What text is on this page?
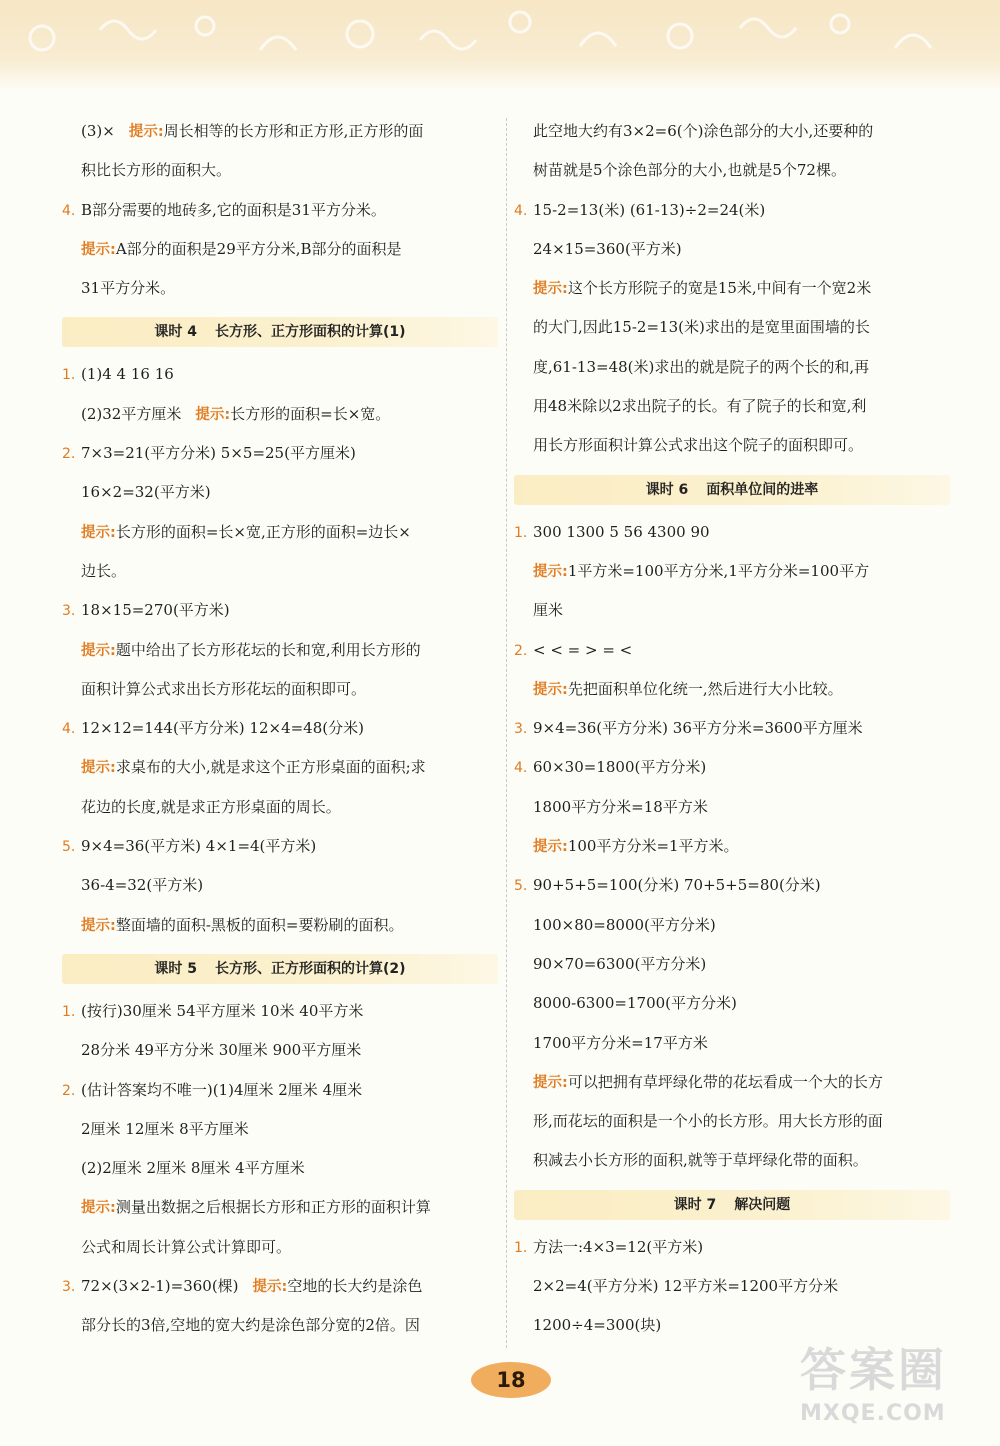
(3)× 提示:周长相等的长方形和正方形,正方形的面
积比长方形的面积大。
4. B部分需要的地砖多,它的面积是31平方分米。
提示:A部分的面积是29平方分米,B部分的面积是
31平方分米。
课时 4 长方形、正方形面积的计算(1)
1. (1)4 4 16 16
(2)32平方厘米 提示:长方形的面积=长×宽。
2. 7×3=21(平方分米) 5×5=25(平方厘米)
16×2=32(平方米)
提示:长方形的面积=长×宽,正方形的面积=边长×
边长。
3. 18×15=270(平方米)
提示:题中给出了长方形花坛的长和宽,利用长方形的
面积计算公式求出长方形花坛的面积即可。
4. 12×12=144(平方分米) 12×4=48(分米)
提示:求桌布的大小,就是求这个正方形桌面的面积;求
花边的长度,就是求正方形桌面的周长。
5. 9×4=36(平方米) 4×1=4(平方米)
36-4=32(平方米)
提示:整面墙的面积-黑板的面积=要粉刷的面积。
课时 5 长方形、正方形面积的计算(2)
1. (按行)30厘米 54平方厘米 10米 40平方米
28分米 49平方分米 30厘米 900平方厘米
2. (估计答案均不唯一)(1)4厘米 2厘米 4厘米
2厘米 12厘米 8平方厘米
(2)2厘米 2厘米 8厘米 4平方厘米
提示:测量出数据之后根据长方形和正方形的面积计算
公式和周长计算公式计算即可。
3. 72×(3×2-1)=360(棵) 提示:空地的长大约是涂色
部分长的3倍,空地的宽大约是涂色部分宽的2倍。因
此空地大约有3×2=6(个)涂色部分的大小,还要种的
树苗就是5个涂色部分的大小,也就是5个72棵。
4. 15-2=13(米) (61-13)÷2=24(米)
24×15=360(平方米)
提示:这个长方形院子的宽是15米,中间有一个宽2米
的大门,因此15-2=13(米)求出的是宽里面围墙的长
度,61-13=48(米)求出的就是院子的两个长的和,再
用48米除以2求出院子的长。有了院子的长和宽,利
用长方形面积计算公式求出这个院子的面积即可。
课时 6 面积单位间的进率
1. 300 1300 5 56 4300 90
提示:1平方米=100平方分米,1平方分米=100平方
厘米
2. < < = > = <
提示:先把面积单位化统一,然后进行大小比较。
3. 9×4=36(平方分米) 36平方分米=3600平方厘米
4. 60×30=1800(平方分米)
1800平方分米=18平方米
提示:100平方分米=1平方米。
5. 90+5+5=100(分米) 70+5+5=80(分米)
100×80=8000(平方分米)
90×70=6300(平方分米)
8000-6300=1700(平方分米)
1700平方分米=17平方米
提示:可以把拥有草坪绿化带的花坛看成一个大的长方
形,而花坛的面积是一个小的长方形。用大长方形的面
积减去小长方形的面积,就等于草坪绿化带的面积。
课时 7 解决问题
1. 方法一:4×3=12(平方米)
2×2=4(平方分米) 12平方米=1200平方分米
1200÷4=300(块)
18	答案圈
MXQE.COM
